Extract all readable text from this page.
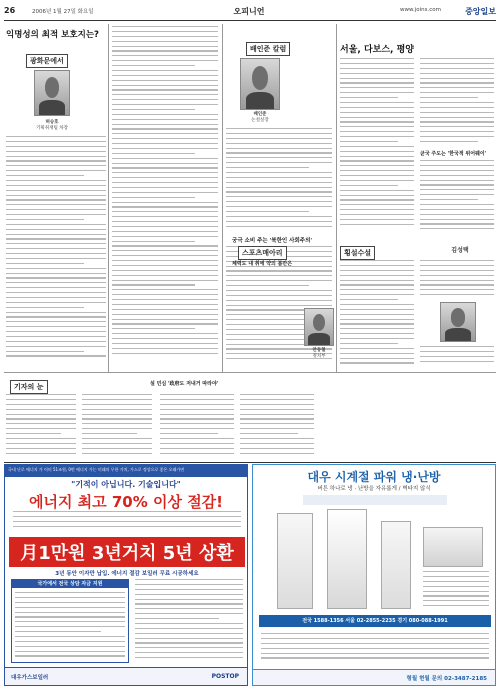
26	2006년 1월 27일 화요일	오피니언	www.joins.com	중앙일보
익명성의 최적 보호지는?
광화문에서
허승호
기획취재팀 차장
배인준 칼럼
배인준
논설실장
궁극 소비 주는 '북한인 사회주의'
서울, 다보스, 평양
균국 주도는 '한국적 위어웨이'
스포츠매아리
체력도 내 취에 약의 봄만은
횡설수설	김성택
안동철
정치부
기자의 눈	설 민심 '政府도 저내거 따라야'
국내 난로 에너지 가 이미 51조원, 0번 에너지 가는 미래의 무한 가치, 가스로 정상으로 좋은 오래가면
"기적이 아닙니다. 기술입니다"
에너지 최고 70% 이상 절감!
月1만원 3년거치 5년 상환
3년 동안 이자만 납입. 에너지 절감 보일러 무료 시공하세요
국가에서 전국 상담 자금 지원
대우가스보일러	POSTOP
대우 시계절 파워 냉·난방
버튼 하나로 냉 · 난방을 자유롭게 / 벽타지 않식
전국 1588-1356 서울 02-2855-2235 경기 080-088-1991
형월 현월 문의 02-3487-2185
